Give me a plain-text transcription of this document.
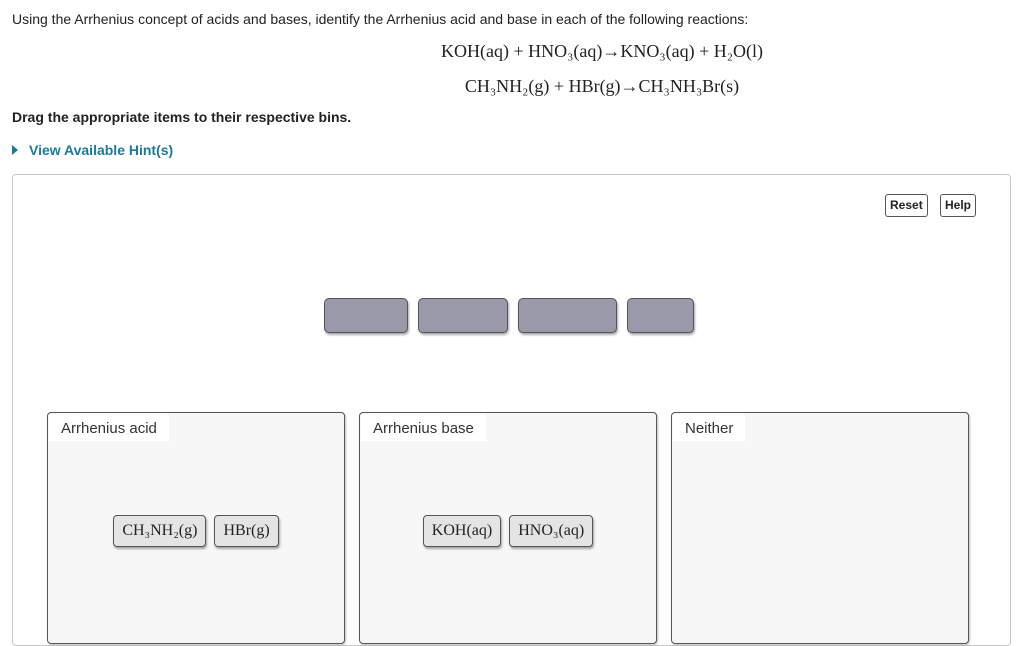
Using the Arrhenius concept of acids and bases, identify the Arrhenius acid and base in each of the following reactions:
KOH(aq) + HNO₃(aq)→KNO₃(aq) + H₂O(l)
CH₃NH₂(g) + HBr(g)→CH₃NH₃Br(s)
Drag the appropriate items to their respective bins.
View Available Hint(s)
Reset	Help
Arrhenius acid
CH₃NH₂(g) HBr(g)
Arrhenius base
KOH(aq) HNO₃(aq)
Neither
